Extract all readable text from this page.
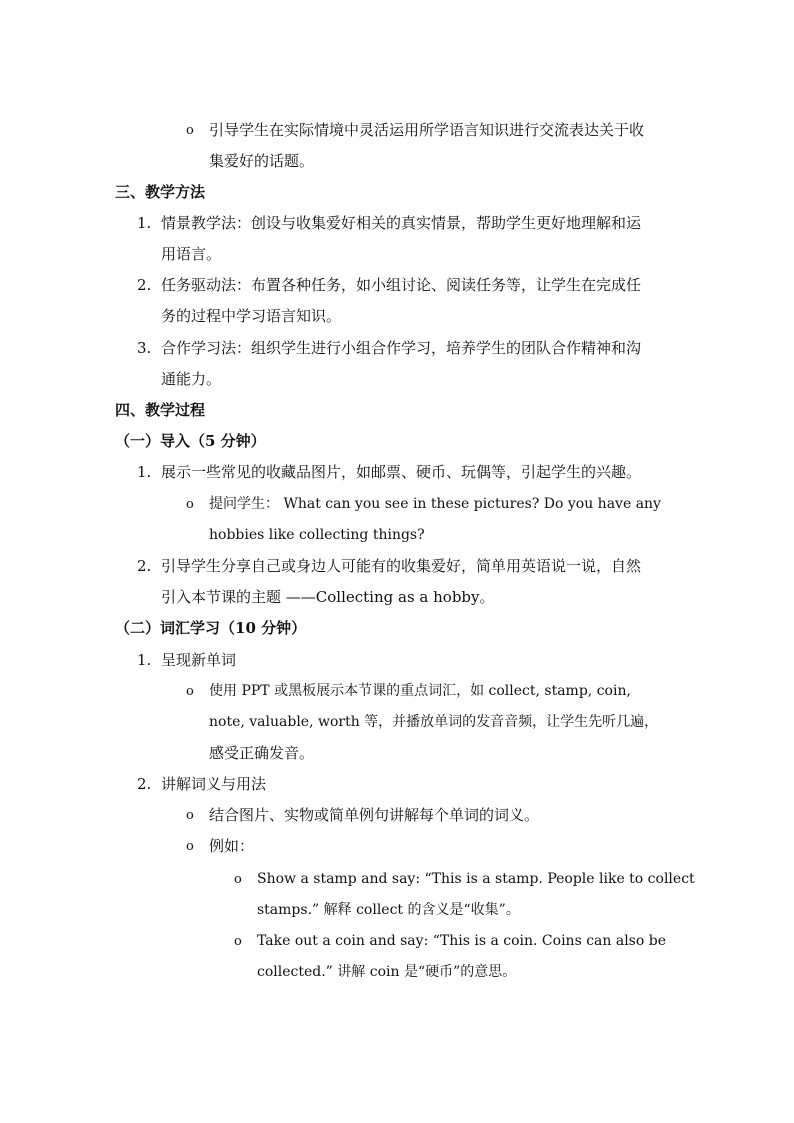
o 引导学生在实际情境中灵活运用所学语言知识进行交流表达关于收
集爱好的话题。
三、教学方法
1. 情景教学法：创设与收集爱好相关的真实情景，帮助学生更好地理解和运
用语言。
2. 任务驱动法：布置各种任务，如小组讨论、阅读任务等，让学生在完成任
务的过程中学习语言知识。
3. 合作学习法：组织学生进行小组合作学习，培养学生的团队合作精神和沟
通能力。
四、教学过程
（一）导入（5 分钟）
1. 展示一些常见的收藏品图片，如邮票、硬币、玩偶等，引起学生的兴趣。
o 提问学生： What can you see in these pictures? Do you have any
hobbies like collecting things?
2. 引导学生分享自己或身边人可能有的收集爱好，简单用英语说一说，自然
引入本节课的主题 ——Collecting as a hobby。
（二）词汇学习（10 分钟）
1. 呈现新单词
o 使用 PPT 或黑板展示本节课的重点词汇，如 collect, stamp, coin,
note, valuable, worth 等，并播放单词的发音音频，让学生先听几遍，
感受正确发音。
2. 讲解词义与用法
o 结合图片、实物或简单例句讲解每个单词的词义。
o 例如：
o Show a stamp and say: “This is a stamp. People like to collect
stamps.” 解释 collect 的含义是“收集”。
o Take out a coin and say: “This is a coin. Coins can also be
collected.” 讲解 coin 是“硬币”的意思。
